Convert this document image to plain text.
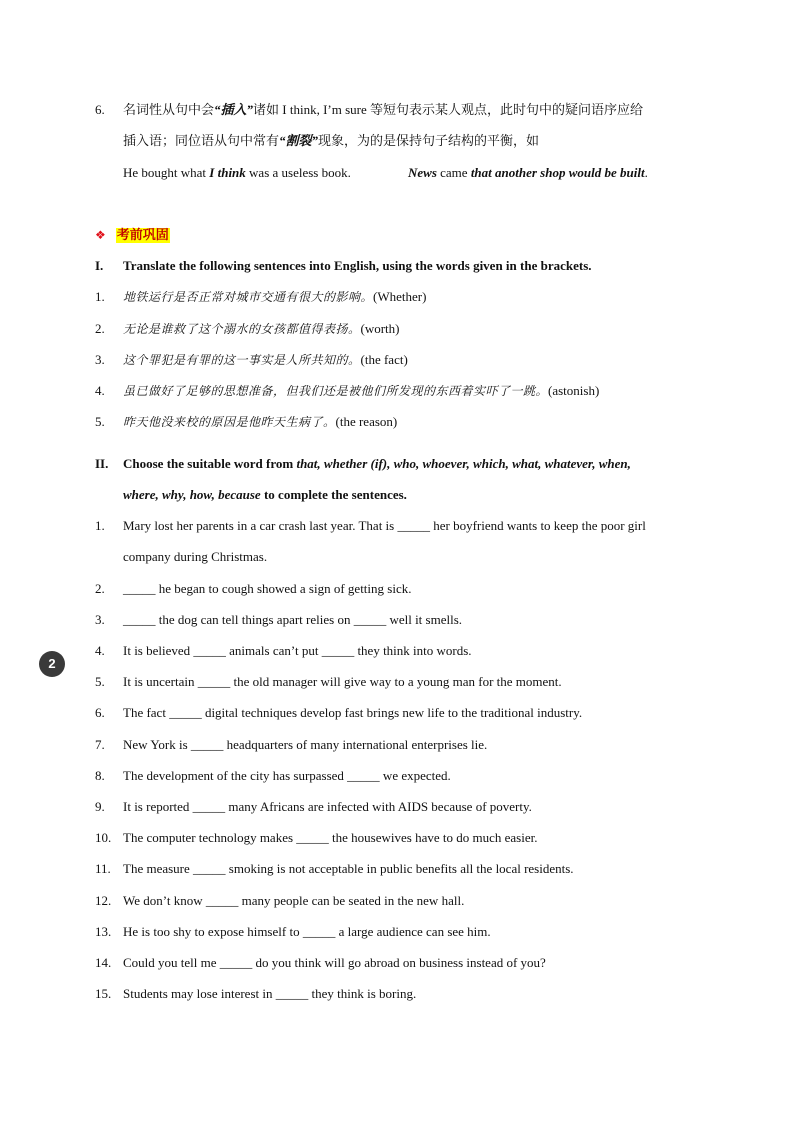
6. 名词性从句中会“插入”诸如 I think, I’m sure 等短句表示某人观点，此时句中的疑问语序应给
插入语；同位语从句中常有“割裂”现象，为的是保持句子结构的平衡，如
He bought what I think was a useless book.	News came that another shop would be built.
❖ 考前巩固
I. Translate the following sentences into English, using the words given in the brackets.
1. 地铁运行是否正常对城市交通有很大的影响。(Whether)
2. 无论是谁救了这个溺水的女孩都值得表扬。(worth)
3. 这个罪犯是有罪的这一事实是人所共知的。(the fact)
4. 虽已做好了足够的思想准备，但我们还是被他们所发现的东西着实吓了一跳。(astonish)
5. 昨天他没来校的原因是他昨天生病了。(the reason)
II. Choose the suitable word from that, whether (if), who, whoever, which, what, whatever, when,
where, why, how, because to complete the sentences.
1. Mary lost her parents in a car crash last year. That is _____ her boyfriend wants to keep the poor girl
company during Christmas.
2. _____ he began to cough showed a sign of getting sick.
3. _____ the dog can tell things apart relies on _____ well it smells.
4. It is believed _____ animals can’t put _____ they think into words.
5. It is uncertain _____ the old manager will give way to a young man for the moment.
6. The fact _____ digital techniques develop fast brings new life to the traditional industry.
7. New York is _____ headquarters of many international enterprises lie.
8. The development of the city has surpassed _____ we expected.
9. It is reported _____ many Africans are infected with AIDS because of poverty.
10. The computer technology makes _____ the housewives have to do much easier.
11. The measure _____ smoking is not acceptable in public benefits all the local residents.
12. We don’t know _____ many people can be seated in the new hall.
13. He is too shy to expose himself to _____ a large audience can see him.
14. Could you tell me _____ do you think will go abroad on business instead of you?
15. Students may lose interest in _____ they think is boring.
2
